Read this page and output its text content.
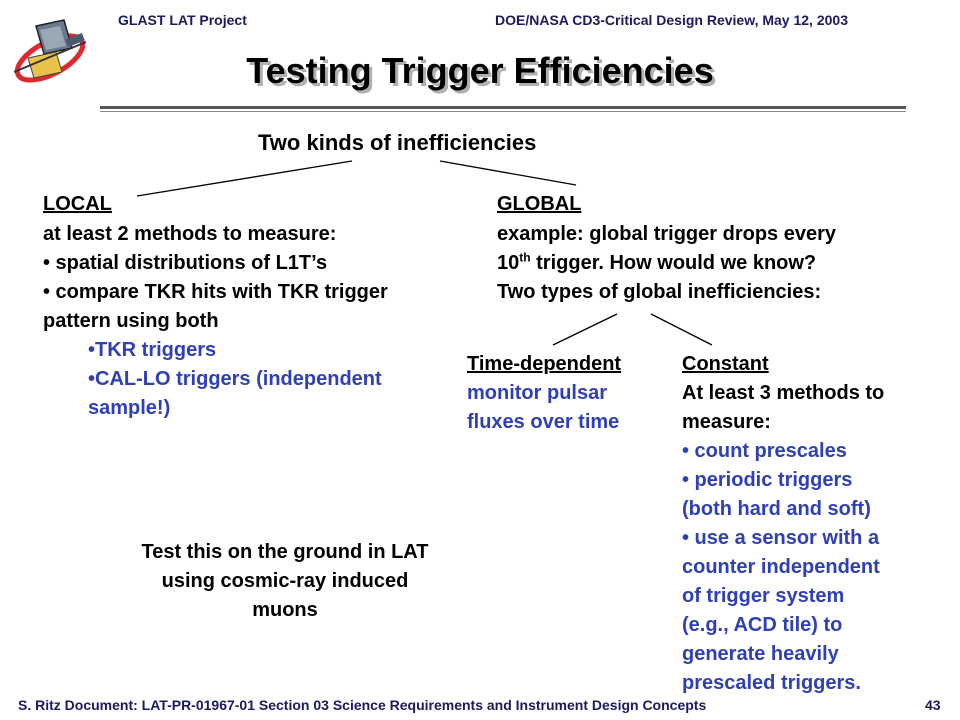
GLAST LAT Project	DOE/NASA CD3-Critical Design Review, May 12, 2003
Testing Trigger Efficiencies
Two kinds of inefficiencies
LOCAL
at least 2 methods to measure:
• spatial distributions of L1T’s
• compare TKR hits with TKR trigger
pattern using both
•TKR triggers
•CAL-LO triggers (independent
sample!)
GLOBAL
example: global trigger drops every
10th trigger. How would we know?
Two types of global inefficiencies:
Time-dependent
monitor pulsar
fluxes over time
Constant
At least 3 methods to
measure:
• count prescales
• periodic triggers
(both hard and soft)
• use a sensor with a
counter independent
of trigger system
(e.g., ACD tile) to
generate heavily
prescaled triggers.
Test this on the ground in LAT
using cosmic-ray induced
muons
S. Ritz Document: LAT-PR-01967-01 Section 03 Science Requirements and Instrument Design Concepts	43
